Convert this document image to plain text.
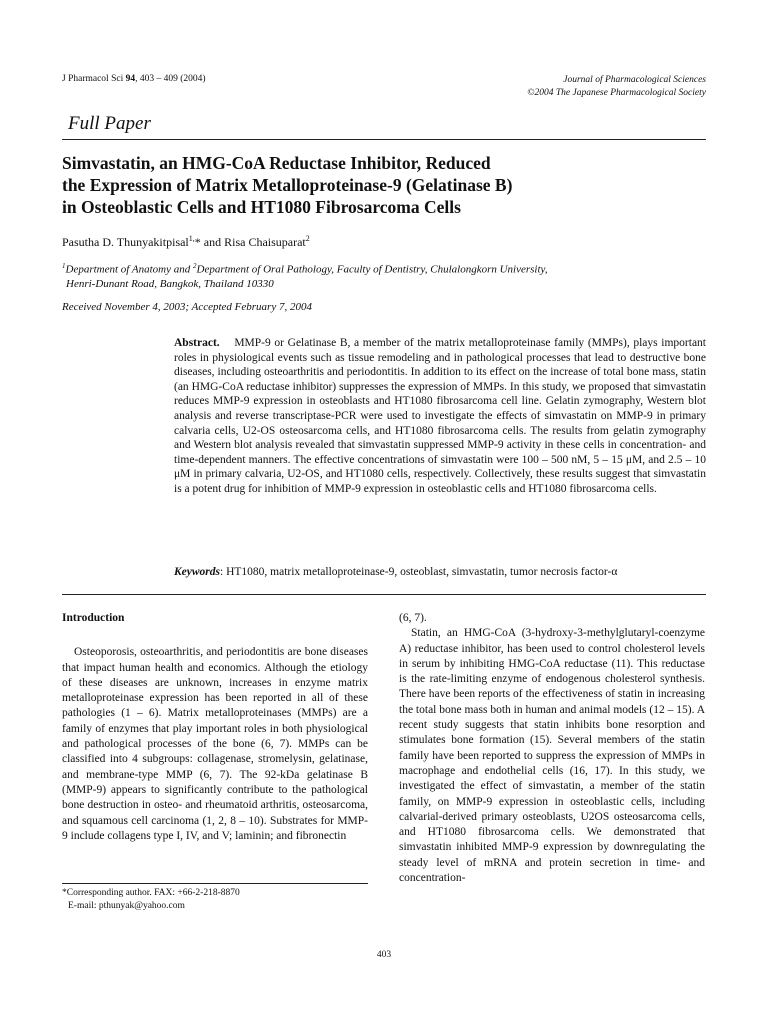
J Pharmacol Sci 94, 403 – 409 (2004)	Journal of Pharmacological Sciences
©2004 The Japanese Pharmacological Society
Full Paper
Simvastatin, an HMG-CoA Reductase Inhibitor, Reduced
the Expression of Matrix Metalloproteinase-9 (Gelatinase B)
in Osteoblastic Cells and HT1080 Fibrosarcoma Cells
Pasutha D. Thunyakitpisal$^{1,}$* and Risa Chaisuparat$^2$
$^1$Department of Anatomy and $^2$Department of Oral Pathology, Faculty of Dentistry, Chulalongkorn University,
Henri-Dunant Road, Bangkok, Thailand 10330
Received November 4, 2003; Accepted February 7, 2004
Abstract. MMP-9 or Gelatinase B, a member of the matrix metalloproteinase family (MMPs), plays important roles in physiological events such as tissue remodeling and in pathological processes that lead to destructive bone diseases, including osteoarthritis and periodontitis. In addition to its effect on the increase of total bone mass, statin (an HMG-CoA reductase inhibitor) suppresses the expression of MMPs. In this study, we proposed that simvastatin reduces MMP-9 expression in osteoblasts and HT1080 fibrosarcoma cell line. Gelatin zymography, Western blot analysis and reverse transcriptase-PCR were used to investigate the effects of simvastatin on MMP-9 in primary calvaria cells, U2-OS osteosarcoma cells, and HT1080 fibrosarcoma cells. The results from gelatin zymography and Western blot analysis revealed that simvastatin suppressed MMP-9 activity in these cells in concentration- and time-dependent manners. The effective concentrations of simvastatin were 100 – 500 nM, 5 – 15 μM, and 2.5 – 10 μM in primary calvaria, U2-OS, and HT1080 cells, respectively. Collectively, these results suggest that simvastatin is a potent drug for inhibition of MMP-9 expression in osteoblastic cells and HT1080 fibrosarcoma cells.
Keywords: HT1080, matrix metalloproteinase-9, osteoblast, simvastatin, tumor necrosis factor-α

Introduction

Osteoporosis, osteoarthritis, and periodontitis are bone diseases that impact human health and economics. Although the etiology of these diseases are unknown, increases in enzyme matrix metalloproteinase expression has been reported in all of these pathologies (1 – 6). Matrix metalloproteinases (MMPs) are a family of enzymes that play important roles in both physiological and pathological processes of the bone (6, 7). MMPs can be classified into 4 subgroups: collagenase, stromelysin, gelatinase, and membrane-type MMP (6, 7). The 92-kDa gelatinase B (MMP-9) appears to significantly contribute to the pathological bone destruction in osteo- and rheumatoid arthritis, osteosarcoma, and squamous cell carcinoma (1, 2, 8 – 10). Substrates for MMP-9 include collagens type I, IV, and V; laminin; and fibronectin

(6, 7).

Statin, an HMG-CoA (3-hydroxy-3-methylglutaryl-coenzyme A) reductase inhibitor, has been used to control cholesterol levels in serum by inhibiting HMG-CoA reductase (11). This reductase is the rate-limiting enzyme of endogenous cholesterol synthesis. There have been reports of the effectiveness of statin in increasing the total bone mass both in human and animal models (12 – 15). A recent study suggests that statin inhibits bone resorption and stimulates bone formation (15). Several members of the statin family have been reported to suppress the expression of MMPs in macrophage and endothelial cells (16, 17). In this study, we investigated the effect of simvastatin, a member of the statin family, on MMP-9 expression in osteoblastic cells, including calvarial-derived primary osteoblasts, U2OS osteosarcoma cells, and HT1080 fibrosarcoma cells. We demonstrated that simvastatin inhibited MMP-9 expression by downregulating the steady level of mRNA and protein secretion in time- and concentration-

*Corresponding author. FAX: +66-2-218-8870
E-mail: pthunyak@yahoo.com
403
